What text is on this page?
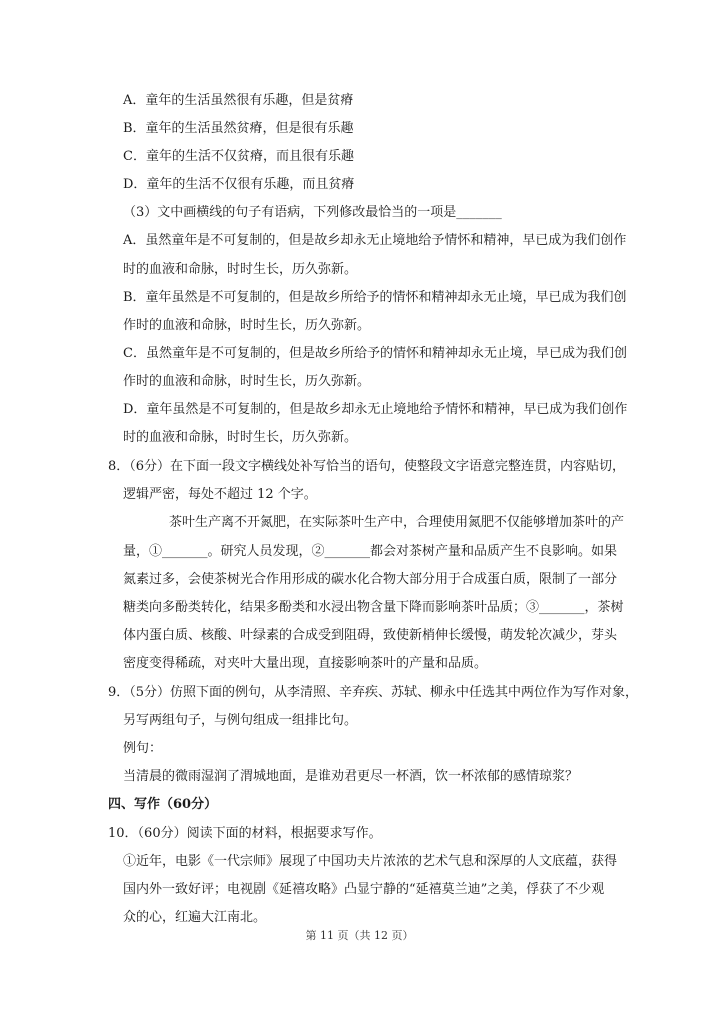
A．童年的生活虽然很有乐趣，但是贫瘠
B．童年的生活虽然贫瘠，但是很有乐趣
C．童年的生活不仅贫瘠，而且很有乐趣
D．童年的生活不仅很有乐趣，而且贫瘠
（3）文中画横线的句子有语病，下列修改最恰当的一项是_______
A．虽然童年是不可复制的，但是故乡却永无止境地给予情怀和精神，早已成为我们创作
时的血液和命脉，时时生长，历久弥新。
B．童年虽然是不可复制的，但是故乡所给予的情怀和精神却永无止境，早已成为我们创
作时的血液和命脉，时时生长，历久弥新。
C．虽然童年是不可复制的，但是故乡所给予的情怀和精神却永无止境，早已成为我们创
作时的血液和命脉，时时生长，历久弥新。
D．童年虽然是不可复制的，但是故乡却永无止境地给予情怀和精神，早已成为我们创作
时的血液和命脉，时时生长，历久弥新。
8．（6分）在下面一段文字横线处补写恰当的语句，使整段文字语意完整连贯，内容贴切，
逻辑严密，每处不超过 12 个字。
茶叶生产离不开氮肥，在实际茶叶生产中，合理使用氮肥不仅能够增加茶叶的产
量，①_______。研究人员发现，②_______都会对茶树产量和品质产生不良影响。如果
氮素过多，会使茶树光合作用形成的碳水化合物大部分用于合成蛋白质，限制了一部分
糖类向多酚类转化，结果多酚类和水浸出物含量下降而影响茶叶品质；③_______，茶树
体内蛋白质、核酸、叶绿素的合成受到阻碍，致使新梢伸长缓慢，萌发轮次减少，芽头
密度变得稀疏，对夹叶大量出现，直接影响茶叶的产量和品质。
9．（5分）仿照下面的例句，从李清照、辛弃疾、苏轼、柳永中任选其中两位作为写作对象，
另写两组句子，与例句组成一组排比句。
例句：
当清晨的微雨湿润了渭城地面，是谁劝君更尽一杯酒，饮一杯浓郁的感情琼浆？
四、写作（60分）
10．（60分）阅读下面的材料，根据要求写作。
①近年，电影《一代宗师》展现了中国功夫片浓浓的艺术气息和深厚的人文底蕴，获得
国内外一致好评；电视剧《延禧攻略》凸显宁静的“延禧莫兰迪”之美，俘获了不少观
众的心，红遍大江南北。
第 11 页（共 12 页）
